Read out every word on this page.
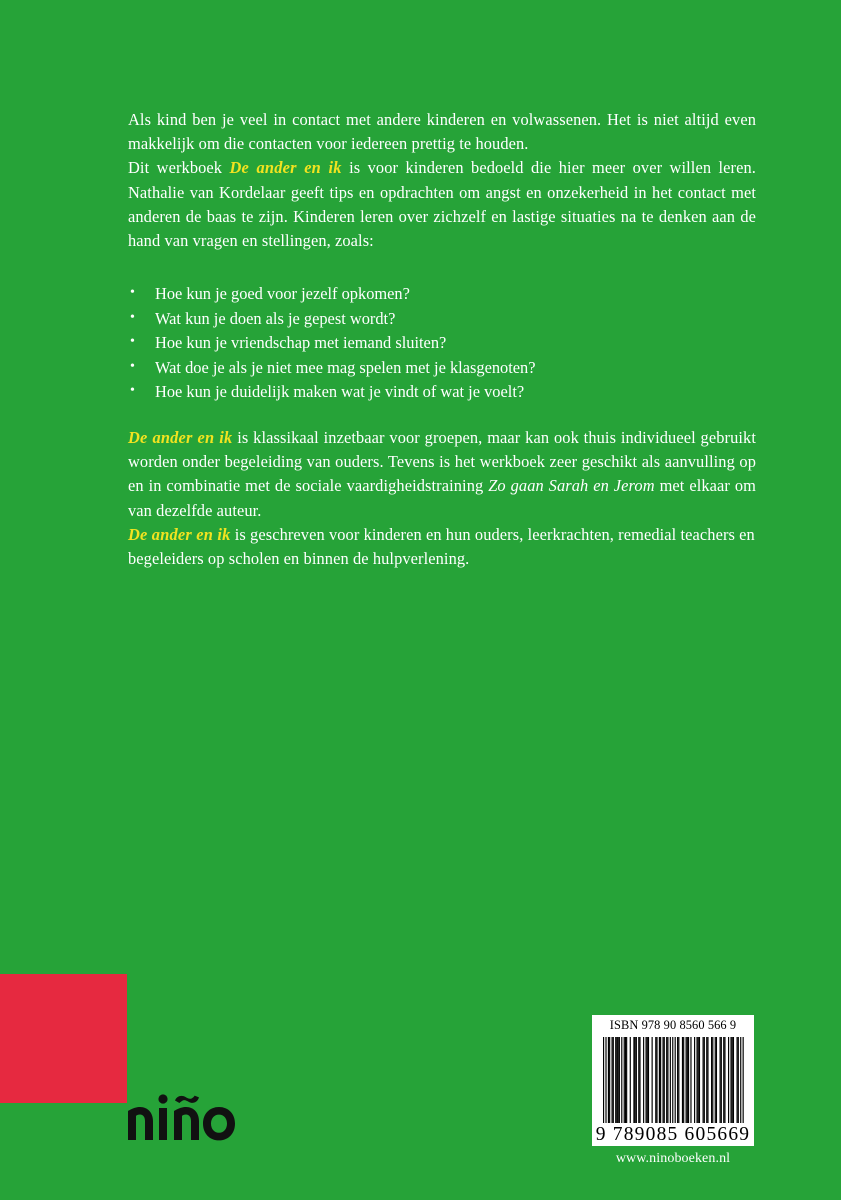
Als kind ben je veel in contact met andere kinderen en volwassenen. Het is niet altijd even makkelijk om die contacten voor iedereen prettig te houden.
Dit werkboek De ander en ik is voor kinderen bedoeld die hier meer over willen leren. Nathalie van Kordelaar geeft tips en opdrachten om angst en onzekerheid in het contact met anderen de baas te zijn. Kinderen leren over zichzelf en lastige situaties na te denken aan de hand van vragen en stellingen, zoals:

• Hoe kun je goed voor jezelf opkomen?
• Wat kun je doen als je gepest wordt?
• Hoe kun je vriendschap met iemand sluiten?
• Wat doe je als je niet mee mag spelen met je klasgenoten?
• Hoe kun je duidelijk maken wat je vindt of wat je voelt?

De ander en ik is klassikaal inzetbaar voor groepen, maar kan ook thuis individueel gebruikt worden onder begeleiding van ouders. Tevens is het werkboek zeer geschikt als aanvulling op en in combinatie met de sociale vaardigheidstraining Zo gaan Sarah en Jerom met elkaar om van dezelfde auteur.

De ander en ik is geschreven voor kinderen en hun ouders, leerkrachten, remedial teachers en begeleiders op scholen en binnen de hulpverlening.

ISBN 978 90 8560 566 9
9 789085 605669
www.ninoboeken.nl
